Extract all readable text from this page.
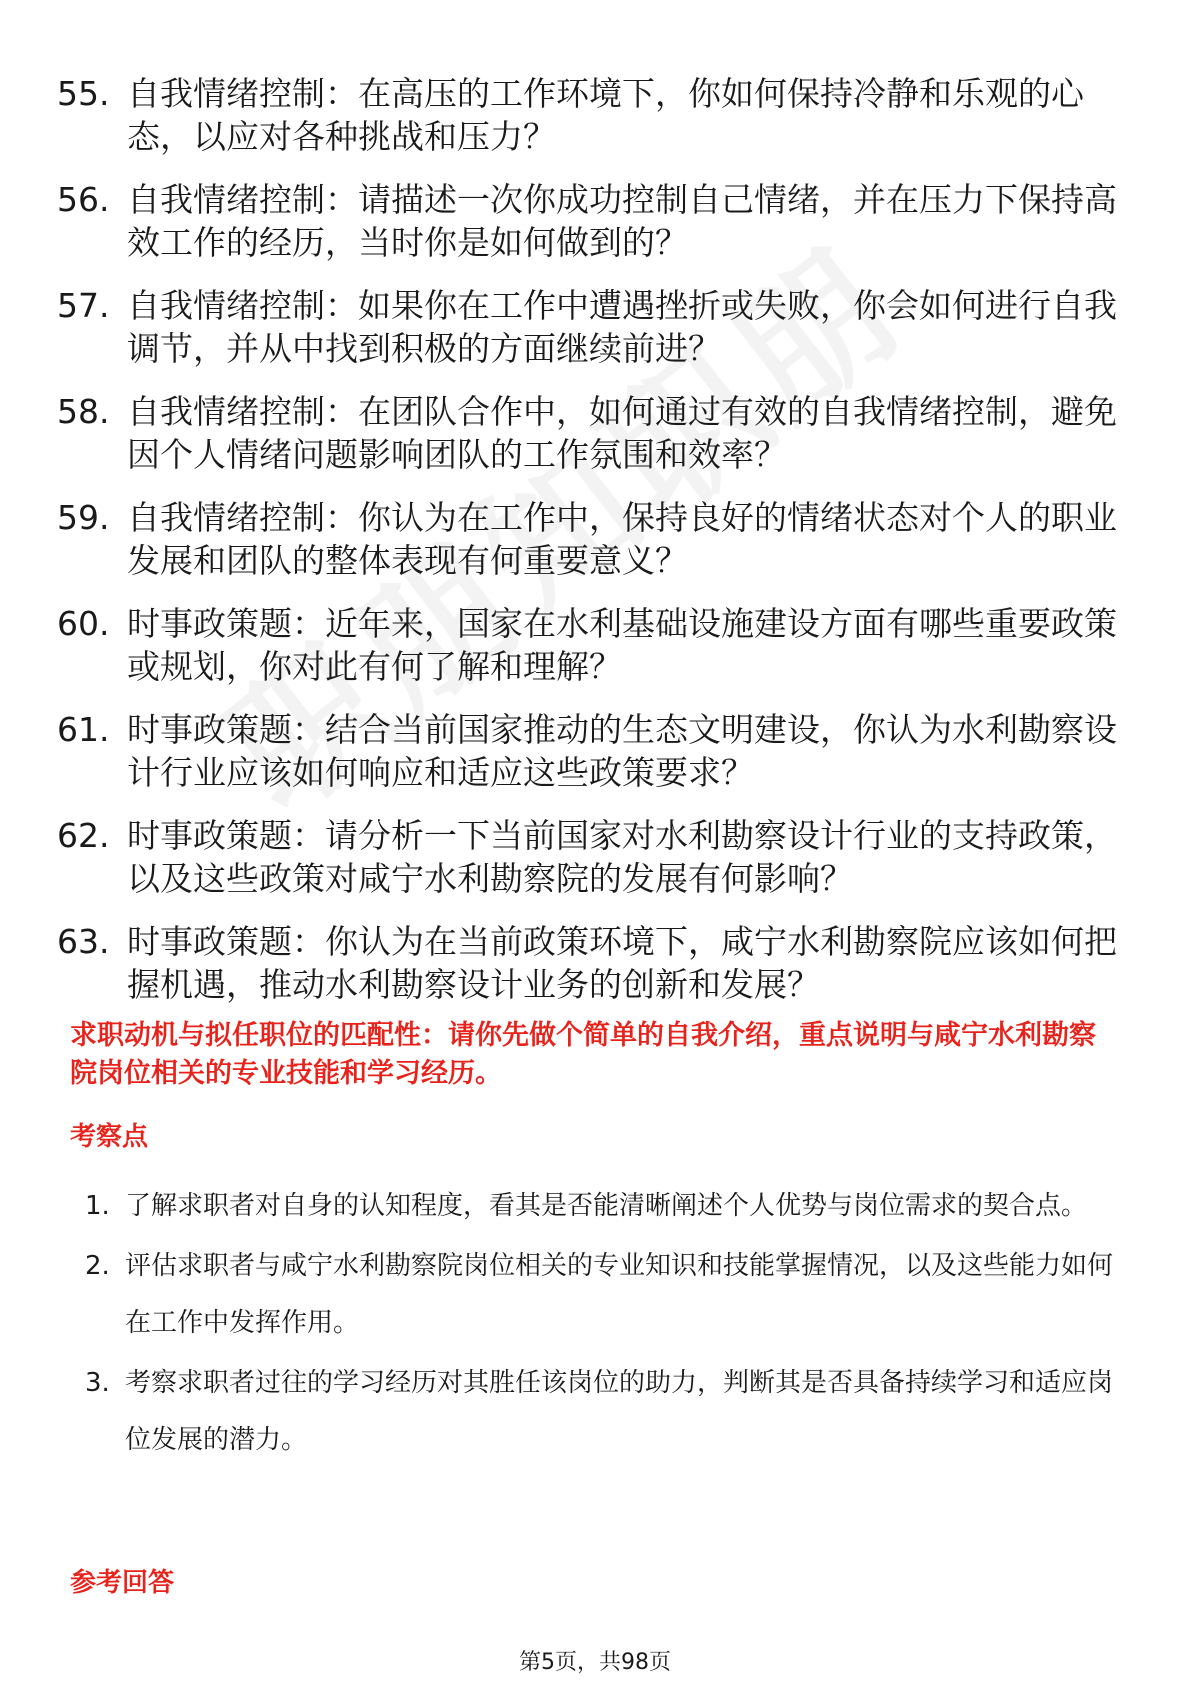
55. 自我情绪控制：在高压的工作环境下，你如何保持冷静和乐观的心态，以应对各种挑战和压力？
56. 自我情绪控制：请描述一次你成功控制自己情绪，并在压力下保持高效工作的经历，当时你是如何做到的？
57. 自我情绪控制：如果你在工作中遭遇挫折或失败，你会如何进行自我调节，并从中找到积极的方面继续前进？
58. 自我情绪控制：在团队合作中，如何通过有效的自我情绪控制，避免因个人情绪问题影响团队的工作氛围和效率？
59. 自我情绪控制：你认为在工作中，保持良好的情绪状态对个人的职业发展和团队的整体表现有何重要意义？
60. 时事政策题：近年来，国家在水利基础设施建设方面有哪些重要政策或规划，你对此有何了解和理解？
61. 时事政策题：结合当前国家推动的生态文明建设，你认为水利勘察设计行业应该如何响应和适应这些政策要求？
62. 时事政策题：请分析一下当前国家对水利勘察设计行业的支持政策，以及这些政策对咸宁水利勘察院的发展有何影响？
63. 时事政策题：你认为在当前政策环境下，咸宁水利勘察院应该如何把握机遇，推动水利勘察设计业务的创新和发展？
求职动机与拟任职位的匹配性：请你先做个简单的自我介绍，重点说明与咸宁水利勘察院岗位相关的专业技能和学习经历。
考察点
1. 了解求职者对自身的认知程度，看其是否能清晰阐述个人优势与岗位需求的契合点。
2. 评估求职者与咸宁水利勘察院岗位相关的专业知识和技能掌握情况，以及这些能力如何在工作中发挥作用。
3. 考察求职者过往的学习经历对其胜任该岗位的助力，判断其是否具备持续学习和适应岗位发展的潜力。
参考回答
第5页，共98页
